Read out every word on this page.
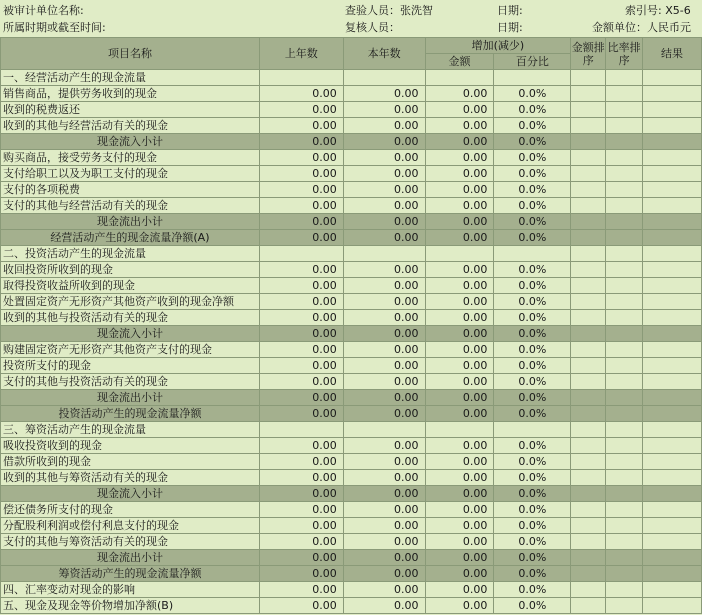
被审计单位名称:	查验人员：张洗智	日期:	索引号: X5-6
所属时期或截至时间:	复核人员：	日期:	金额单位：人民币元
项目名称	上年数	本年数	增加(减少)		金额排序	比率排序	结果
			金额	百分比			
一、经营活动产生的现金流量							
销售商品，提供劳务收到的现金	0.00	0.00	0.00	0.0%			
收到的税费返还	0.00	0.00	0.00	0.0%			
收到的其他与经营活动有关的现金	0.00	0.00	0.00	0.0%			
现金流入小计	0.00	0.00	0.00	0.0%			
购买商品，接受劳务支付的现金	0.00	0.00	0.00	0.0%			
支付给职工以及为职工支付的现金	0.00	0.00	0.00	0.0%			
支付的各项税费	0.00	0.00	0.00	0.0%			
支付的其他与经营活动有关的现金	0.00	0.00	0.00	0.0%			
现金流出小计	0.00	0.00	0.00	0.0%			
经营活动产生的现金流量净额(A)	0.00	0.00	0.00	0.0%			
二、投资活动产生的现金流量							
收回投资所收到的现金	0.00	0.00	0.00	0.0%			
取得投资收益所收到的现金	0.00	0.00	0.00	0.0%			
处置固定资产无形资产其他资产收到的现金净额	0.00	0.00	0.00	0.0%			
收到的其他与投资活动有关的现金	0.00	0.00	0.00	0.0%			
现金流入小计	0.00	0.00	0.00	0.0%			
购建固定资产无形资产其他资产支付的现金	0.00	0.00	0.00	0.0%			
投资所支付的现金	0.00	0.00	0.00	0.0%			
支付的其他与投资活动有关的现金	0.00	0.00	0.00	0.0%			
现金流出小计	0.00	0.00	0.00	0.0%			
投资活动产生的现金流量净额	0.00	0.00	0.00	0.0%			
三、筹资活动产生的现金流量							
吸收投资收到的现金	0.00	0.00	0.00	0.0%			
借款所收到的现金	0.00	0.00	0.00	0.0%			
收到的其他与筹资活动有关的现金	0.00	0.00	0.00	0.0%			
现金流入小计	0.00	0.00	0.00	0.0%			
偿还债务所支付的现金	0.00	0.00	0.00	0.0%			
分配股利利润或偿付利息支付的现金	0.00	0.00	0.00	0.0%			
支付的其他与筹资活动有关的现金	0.00	0.00	0.00	0.0%			
现金流出小计	0.00	0.00	0.00	0.0%			
筹资活动产生的现金流量净额	0.00	0.00	0.00	0.0%			
四、汇率变动对现金的影响	0.00	0.00	0.00	0.0%			
五、现金及现金等价物增加净额(B)	0.00	0.00	0.00	0.0%			
